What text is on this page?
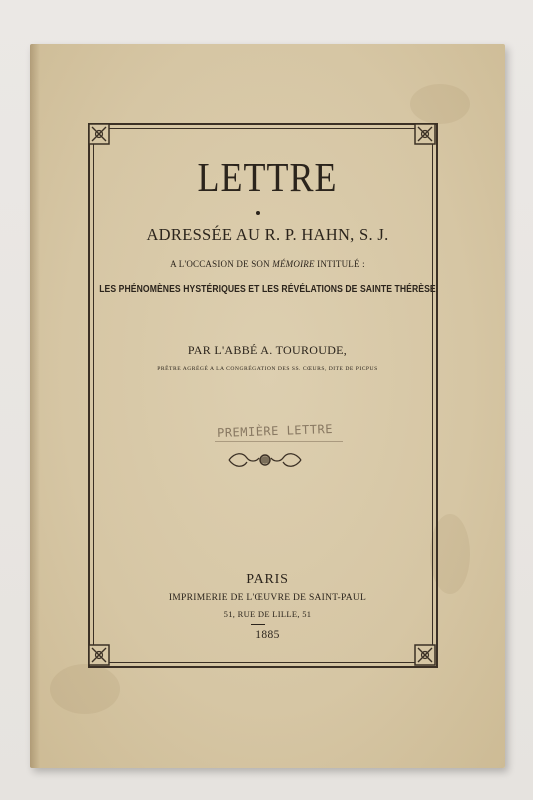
LETTRE
ADRESSÉE AU R. P. HAHN, S. J.
A L'OCCASION DE SON MÉMOIRE INTITULÉ :
LES PHÉNOMÈNES HYSTÉRIQUES ET LES RÉVÉLATIONS DE SAINTE THÉRÈSE
PAR L'ABBÉ A. TOUROUDE,
PRÊTRE AGRÉGÉ A LA CONGRÉGATION DES SS. CŒURS, DITE DE PICPUS
PREMIÈRE LETTRE
PARIS
IMPRIMERIE DE L'ŒUVRE DE SAINT-PAUL
51, RUE DE LILLE, 51
1885
